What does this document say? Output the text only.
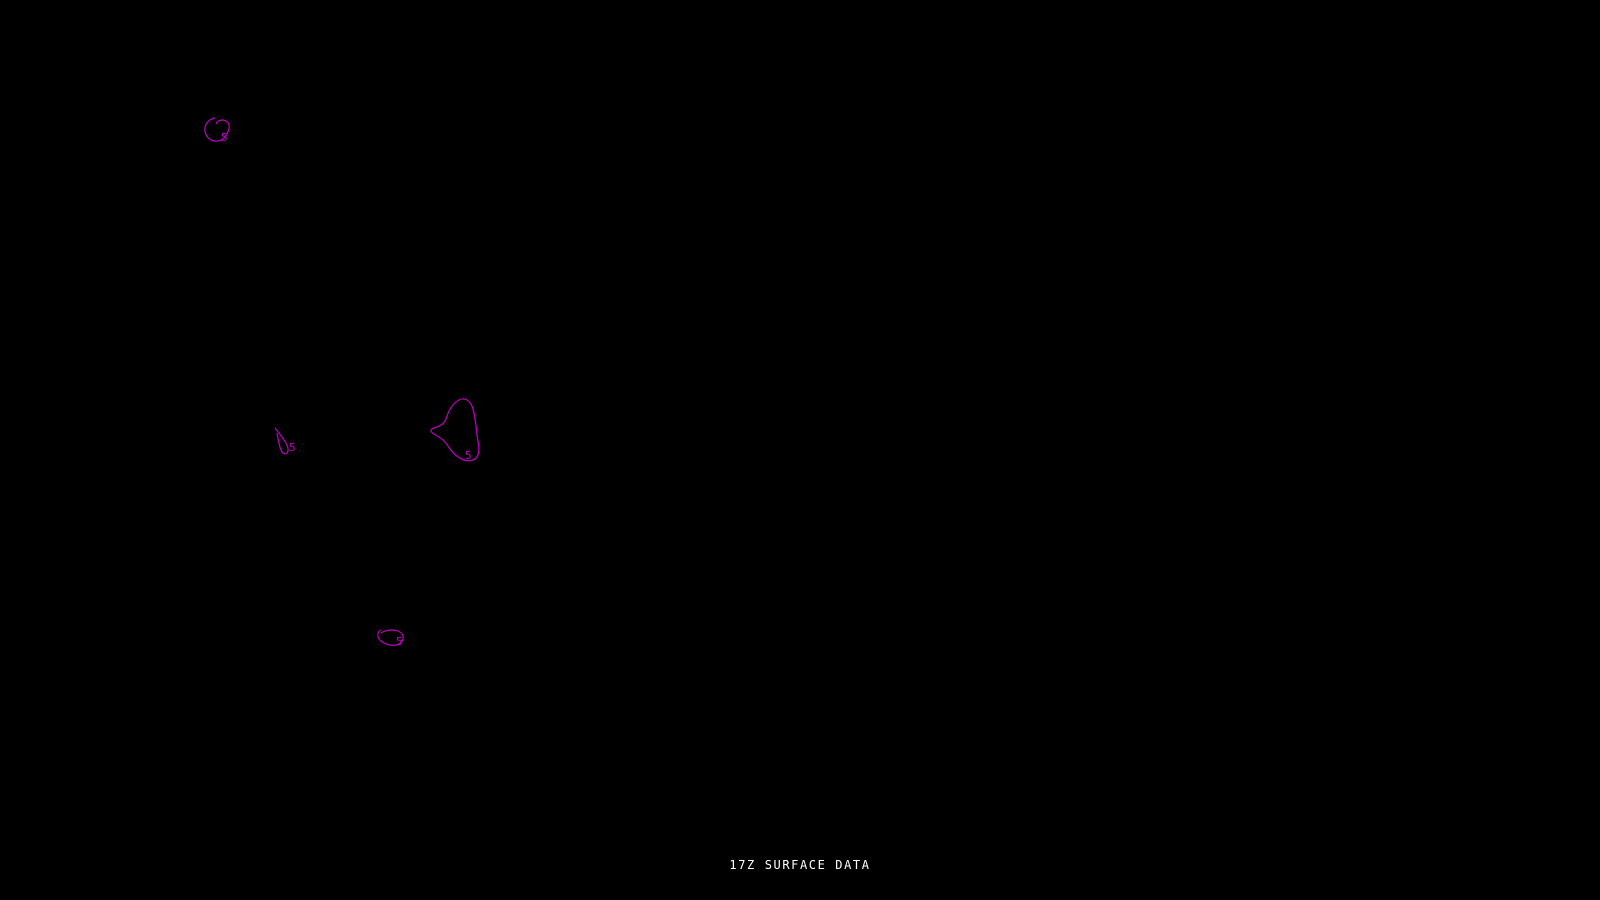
5
5
5
5
17Z SURFACE DATA
